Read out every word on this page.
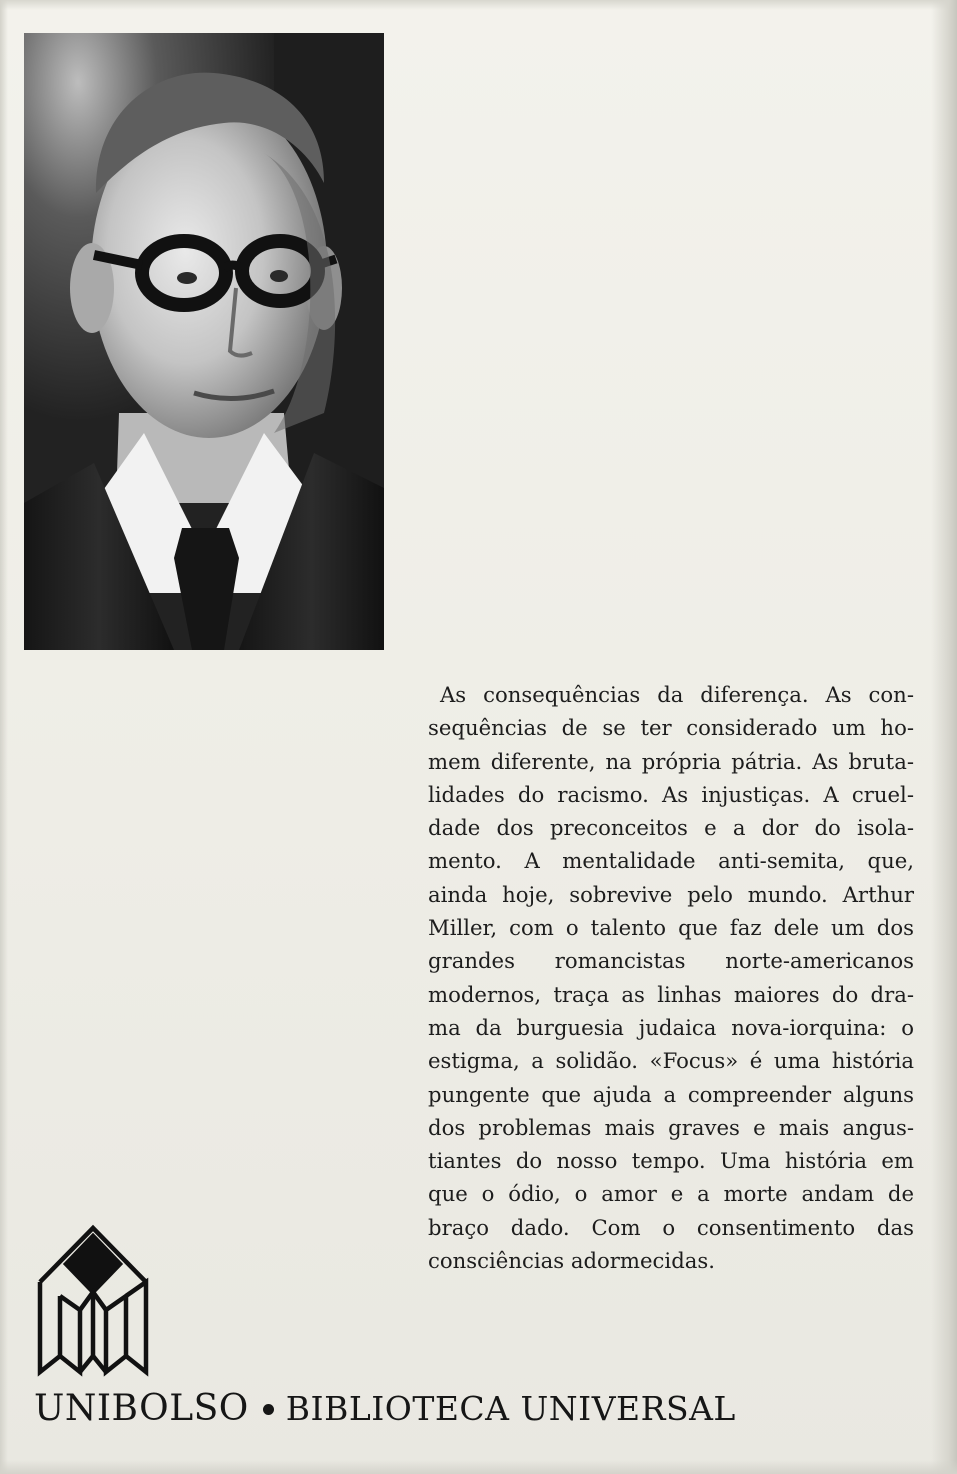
As consequências da diferença. As con-
sequências de se ter considerado um ho-
mem diferente, na própria pátria. As bruta-
lidades do racismo. As injustiças. A cruel-
dade dos preconceitos e a dor do isola-
mento. A mentalidade anti-semita, que,
ainda hoje, sobrevive pelo mundo. Arthur
Miller, com o talento que faz dele um dos
grandes romancistas norte-americanos
modernos, traça as linhas maiores do dra-
ma da burguesia judaica nova-iorquina: o
estigma, a solidão. «Focus» é uma história
pungente que ajuda a compreender alguns
dos problemas mais graves e mais angus-
tiantes do nosso tempo. Uma história em
que o ódio, o amor e a morte andam de
braço dado. Com o consentimento das
consciências adormecidas.

UNIBOLSO BIBLIOTECA UNIVERSAL
